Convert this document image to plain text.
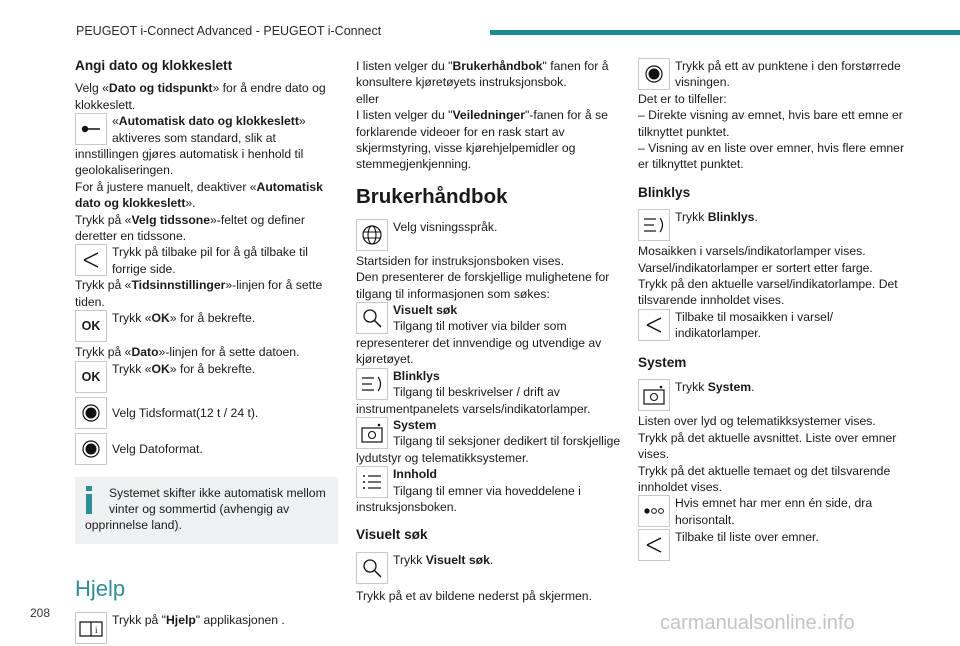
PEUGEOT i-Connect Advanced - PEUGEOT i-Connect
Angi dato og klokkeslett

Velg «Dato og tidspunkt» for å endre dato og klokkeslett.

«Automatisk dato og klokkeslett» aktiveres som standard, slik at innstillingen gjøres automatisk i henhold til geolokaliseringen.

For å justere manuelt, deaktiver «Automatisk dato og klokkeslett».

Trykk på «Velg tidssone»-feltet og definer deretter en tidssone.

Trykk på tilbake pil for å gå tilbake til forrige side.

Trykk på «Tidsinnstillinger»-linjen for å sette tiden.

OK
Trykk «OK» for å bekrefte.

Trykk på «Dato»-linjen for å sette datoen.

OK
Trykk «OK» for å bekrefte.
Velg Tidsformat(12 t / 24 t).
Velg Datoformat.

Systemet skifter ikke automatisk mellom vinter og sommertid (avhengig av

opprinnelse land).

Hjelp
i
Trykk på "Hjelp" applikasjonen .

I listen velger du "Brukerhåndbok" fanen for å konsultere kjøretøyets instruksjonsbok.

eller

I listen velger du "Veiledninger"-fanen for å se forklarende videoer for en rask start av skjermstyring, visse kjørehjelpemidler og stemmegjenkjenning.

Brukerhåndbok
Velg visningsspråk.

Startsiden for instruksjonsboken vises.

Den presenterer de forskjellige mulighetene for tilgang til informasjonen som søkes:

Visuelt søk
Tilgang til motiver via bilder som representerer det innvendige og utvendige av kjøretøyet.
Blinklys
Tilgang til beskrivelser / drift av instrumentpanelets varsels/indikatorlamper.
System
Tilgang til seksjoner dedikert til forskjellige lydutstyr og telematikksystemer.
Innhold
Tilgang til emner via hoveddelene i instruksjonsboken.
Visuelt søk
Trykk Visuelt søk.

Trykk på et av bildene nederst på skjermen.

Trykk på ett av punktene i den forstørrede visningen.

Det er to tilfeller:

– Direkte visning av emnet, hvis bare ett emne er tilknyttet punktet.

– Visning av en liste over emner, hvis flere emner er tilknyttet punktet.

Blinklys
Trykk Blinklys.

Mosaikken i varsels/indikatorlamper vises.

Varsel/indikatorlamper er sortert etter farge.

Trykk på den aktuelle varsel/indikatorlampe. Det tilsvarende innholdet vises.

Tilbake til mosaikken i varsel/ indikatorlamper.
System
Trykk System.

Listen over lyd og telematikksystemer vises.

Trykk på det aktuelle avsnittet. Liste over emner vises.

Trykk på det aktuelle temaet og det tilsvarende innholdet vises.

Hvis emnet har mer enn én side, dra horisontalt.
Tilbake til liste over emner.
208	carmanualsonline.info
